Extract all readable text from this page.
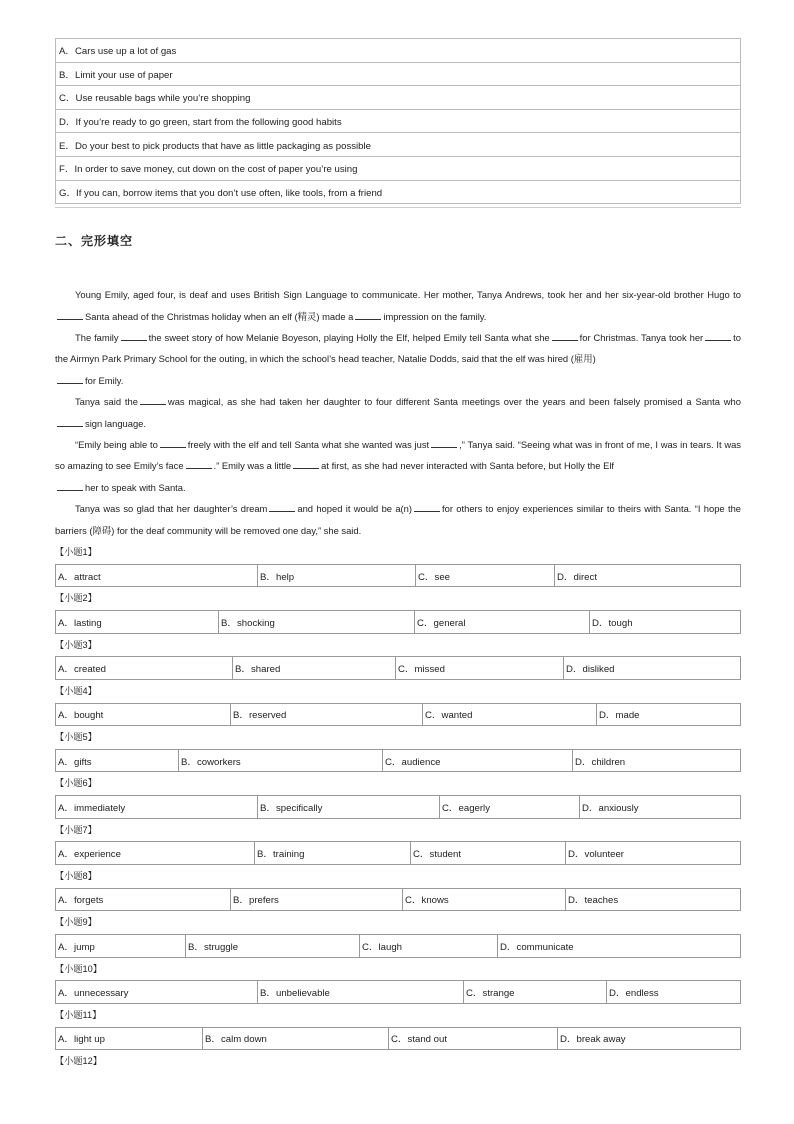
A．Cars use up a lot of gas
B．Limit your use of paper
C．Use reusable bags while you’re shopping
D．If you’re ready to go green, start from the following good habits
E．Do your best to pick products that have as little packaging as possible
F．In order to save money, cut down on the cost of paper you’re using
G．If you can, borrow items that you don’t use often, like tools, from a friend
二、完形填空

Young Emily, aged four, is deaf and uses British Sign Language to communicate. Her mother, Tanya Andrews, took her and her six-year-old brother Hugo toSanta ahead of the Christmas holiday when an elf (精灵) made a	impression on the family.

The family	the sweet story of how Melanie Boyeson, playing Holly the Elf, helped Emily tell Santa what she	for Christmas. Tanya took her	to the Airmyn Park Primary School for the outing, in which the school’s head teacher, Natalie Dodds, said that the elf was hired (雇用)
for Emily.

Tanya said the	was magical, as she had taken her daughter to four different Santa meetings over the years and been falsely promised a Santa whosign language.

“Emily being able to	freely with the elf and tell Santa what she wanted was just	,” Tanya said. “Seeing what was in front of me, I was in tears. It was so amazing to see Emily’s face	.” Emily was a little	at first, as she had never interacted with Santa before, but Holly the Elf
her to speak with Santa.

Tanya was so glad that her daughter’s dream	and hoped it would be a(n)	for others to enjoy experiences similar to theirs with Santa. “I hope the barriers (障碍) for the deaf community will be removed one day,” she said.

【小题1】
A．attract	B．help	C．see	D．direct
【小题2】
A．lasting	B．shocking	C．general	D．tough
【小题3】
A．created	B．shared	C．missed	D．disliked
【小题4】
A．bought	B．reserved	C．wanted	D．made
【小题5】
A．gifts	B．coworkers	C．audience	D．children
【小题6】
A．immediately	B．specifically	C．eagerly	D．anxiously
【小题7】
A．experience	B．training	C．student	D．volunteer
【小题8】
A．forgets	B．prefers	C．knows	D．teaches
【小题9】
A．jump	B．struggle	C．laugh	D．communicate
【小题10】
A．unnecessary	B．unbelievable	C．strange	D．endless
【小题11】
A．light up	B．calm down	C．stand out	D．break away
【小题12】
